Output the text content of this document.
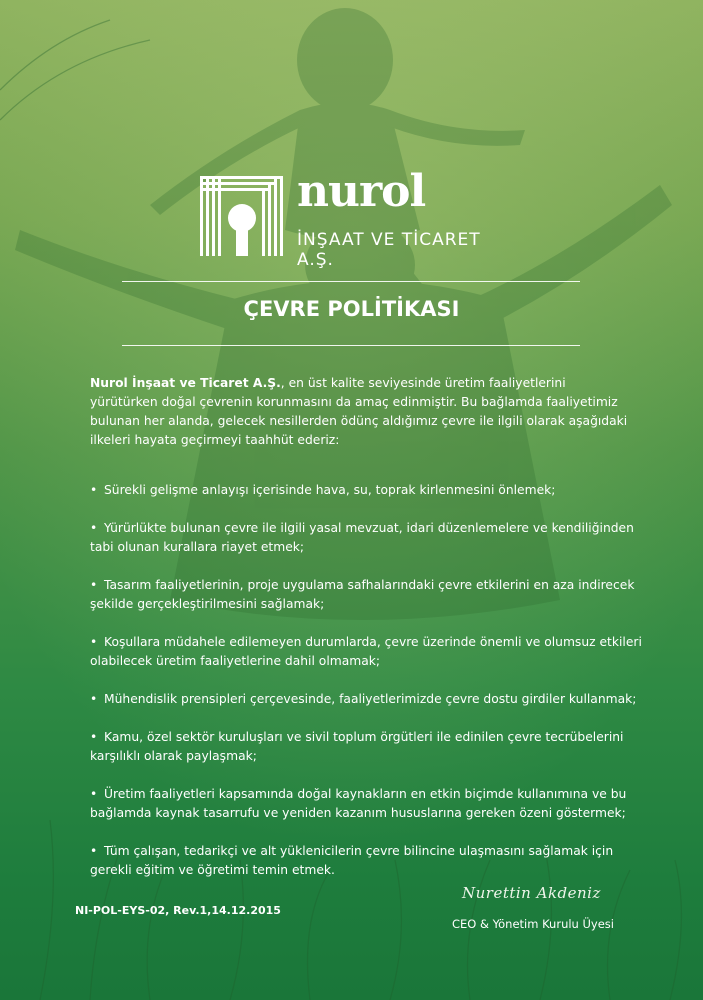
nurol
İNŞAAT VE TİCARET A.Ş.
ÇEVRE POLİTİKASI

Nurol İnşaat ve Ticaret A.Ş., en üst kalite seviyesinde üretim faaliyetlerini yürütürken doğal çevrenin korunmasını da amaç edinmiştir. Bu bağlamda faaliyetimiz bulunan her alanda, gelecek nesillerden ödünç aldığımız çevre ile ilgili olarak aşağıdaki ilkeleri hayata geçirmeyi taahhüt ederiz:

• Sürekli gelişme anlayışı içerisinde hava, su, toprak kirlenmesini önlemek;
• Yürürlükte bulunan çevre ile ilgili yasal mevzuat, idari düzenlemelere ve kendiliğinden tabi olunan kurallara riayet etmek;
• Tasarım faaliyetlerinin, proje uygulama safhalarındaki çevre etkilerini en aza indirecek şekilde gerçekleştirilmesini sağlamak;
• Koşullara müdahele edilemeyen durumlarda, çevre üzerinde önemli ve olumsuz etkileri olabilecek üretim faaliyetlerine dahil olmamak;
• Mühendislik prensipleri çerçevesinde, faaliyetlerimizde çevre dostu girdiler kullanmak;
• Kamu, özel sektör kuruluşları ve sivil toplum örgütleri ile edinilen çevre tecrübelerini karşılıklı olarak paylaşmak;
• Üretim faaliyetleri kapsamında doğal kaynakların en etkin biçimde kullanımına ve bu bağlamda kaynak tasarrufu ve yeniden kazanım hususlarına gereken özeni göstermek;
• Tüm çalışan, tedarikçi ve alt yüklenicilerin çevre bilincine ulaşmasını sağlamak için gerekli eğitim ve öğretimi temin etmek.
NI-POL-EYS-02, Rev.1,14.12.2015
Nurettin Akdeniz
CEO & Yönetim Kurulu Üyesi
